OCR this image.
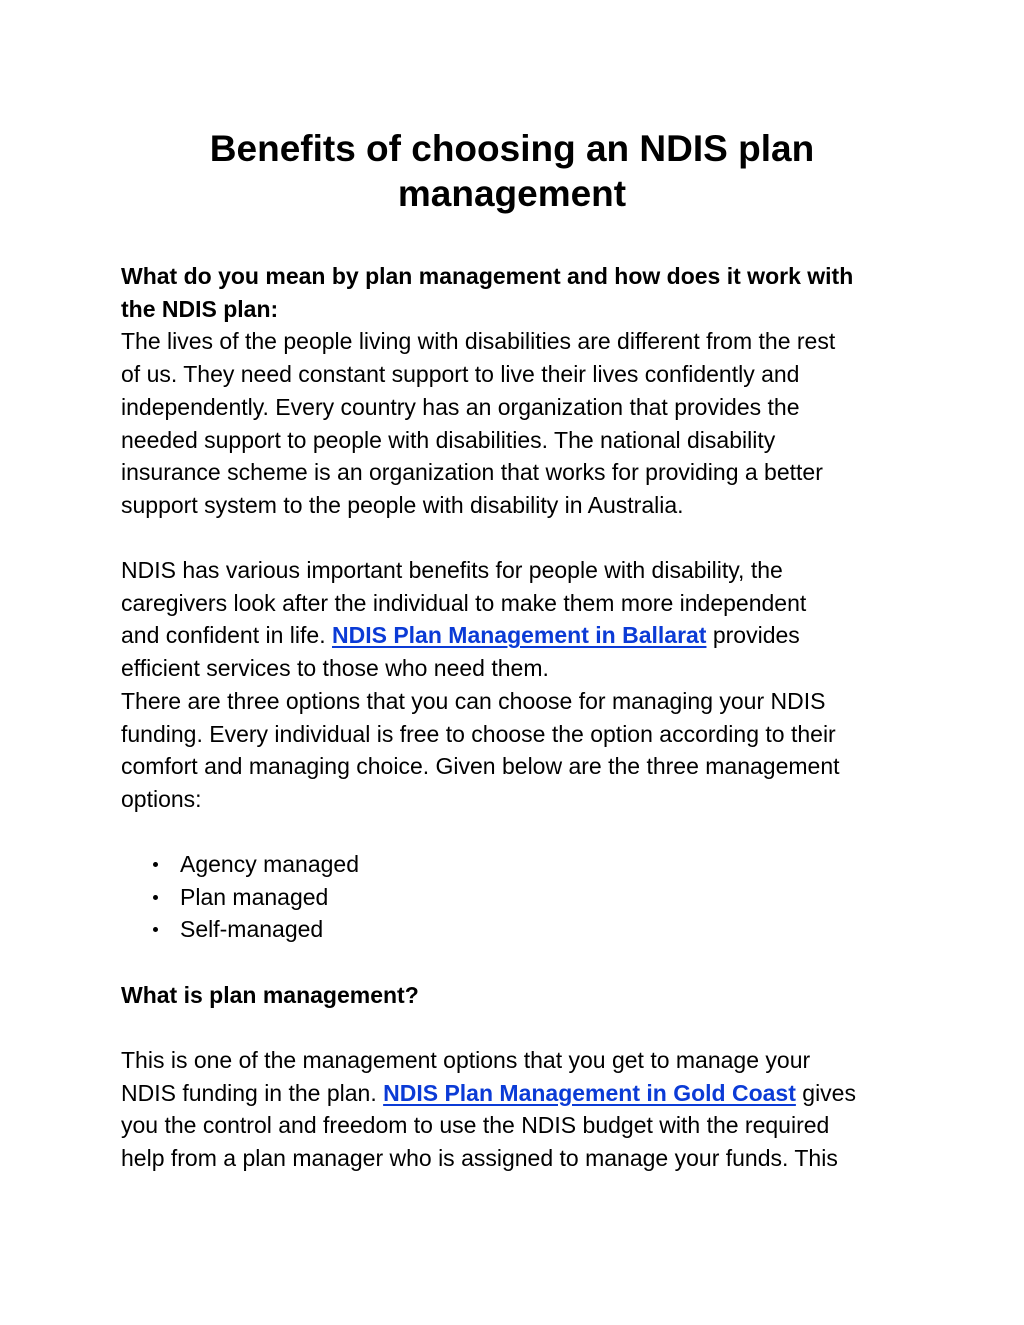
Benefits of choosing an NDIS plan
management

What do you mean by plan management and how does it work with
the NDIS plan:
The lives of the people living with disabilities are different from the rest
of us. They need constant support to live their lives confidently and
independently. Every country has an organization that provides the
needed support to people with disabilities. The national disability
insurance scheme is an organization that works for providing a better
support system to the people with disability in Australia.

NDIS has various important benefits for people with disability, the
caregivers look after the individual to make them more independent
and confident in life. NDIS Plan Management in Ballarat provides
efficient services to those who need them.
There are three options that you can choose for managing your NDIS
funding. Every individual is free to choose the option according to their
comfort and managing choice. Given below are the three management
options:

Agency managed
Plan managed
Self-managed

What is plan management?

This is one of the management options that you get to manage your
NDIS funding in the plan. NDIS Plan Management in Gold Coast gives
you the control and freedom to use the NDIS budget with the required
help from a plan manager who is assigned to manage your funds. This
